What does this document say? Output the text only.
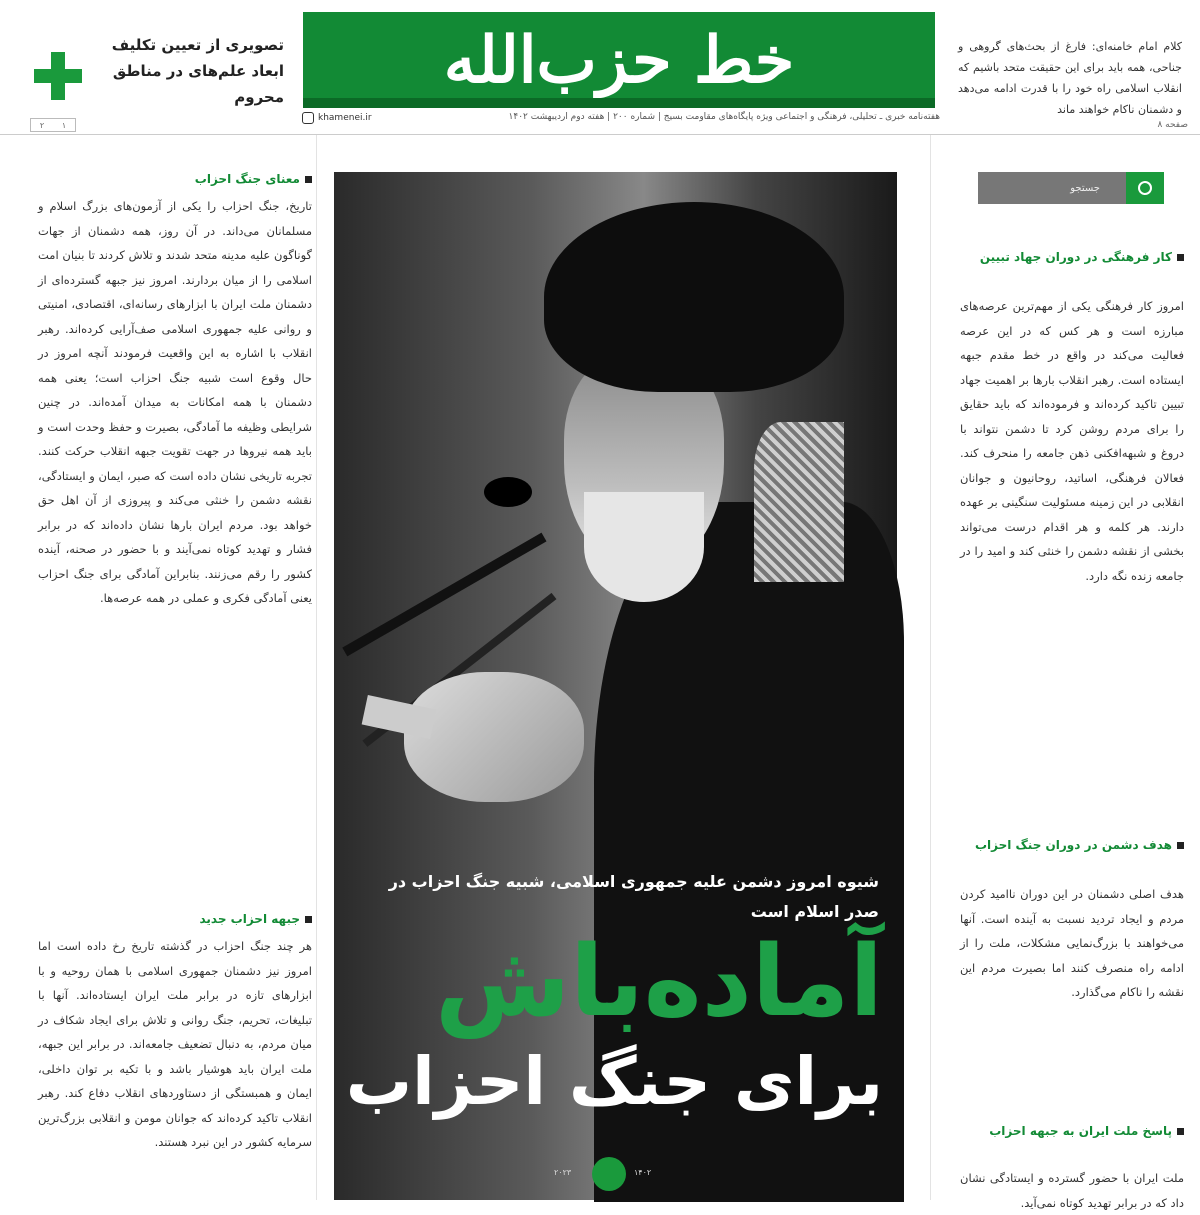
خط حزب‌الله
هفته‌نامه خبری ـ تحلیلی، فرهنگی و اجتماعی ویژه پایگاه‌های مقاومت بسیج | شماره ۲۰۰ | هفته دوم اردیبهشت ۱۴۰۲
khamenei.ir
تصویری از تعیین تکلیف ابعاد علم‌های در مناطق محروم
۲ ۱
کلام امام خامنه‌ای: فارغ از بحث‌های گروهی و جناحی، همه باید برای این حقیقت متحد باشیم که انقلاب اسلامی راه خود را با قدرت ادامه می‌دهد و دشمنان ناکام خواهند ماند
صفحه ۸
معنای جنگ احزاب
تاریخ، جنگ احزاب را یکی از آزمون‌های بزرگ اسلام و مسلمانان می‌داند. در آن روز، همه دشمنان از جهات گوناگون علیه مدینه متحد شدند و تلاش کردند تا بنیان امت اسلامی را از میان بردارند. امروز نیز جبهه گسترده‌ای از دشمنان ملت ایران با ابزارهای رسانه‌ای، اقتصادی، امنیتی و روانی علیه جمهوری اسلامی صف‌آرایی کرده‌اند. رهبر انقلاب با اشاره به این واقعیت فرمودند آنچه امروز در حال وقوع است شبیه جنگ احزاب است؛ یعنی همه دشمنان با همه امکانات به میدان آمده‌اند. در چنین شرایطی وظیفه ما آمادگی، بصیرت و حفظ وحدت است و باید همه نیروها در جهت تقویت جبهه انقلاب حرکت کنند. تجربه تاریخی نشان داده است که صبر، ایمان و ایستادگی، نقشه دشمن را خنثی می‌کند و پیروزی از آن اهل حق خواهد بود. مردم ایران بارها نشان داده‌اند که در برابر فشار و تهدید کوتاه نمی‌آیند و با حضور در صحنه، آینده کشور را رقم می‌زنند. بنابراین آمادگی برای جنگ احزاب یعنی آمادگی فکری و عملی در همه عرصه‌ها.
جبهه احزاب جدید
هر چند جنگ احزاب در گذشته تاریخ رخ داده است اما امروز نیز دشمنان جمهوری اسلامی با همان روحیه و با ابزارهای تازه در برابر ملت ایران ایستاده‌اند. آنها با تبلیغات، تحریم، جنگ روانی و تلاش برای ایجاد شکاف در میان مردم، به دنبال تضعیف جامعه‌اند. در برابر این جبهه، ملت ایران باید هوشیار باشد و با تکیه بر توان داخلی، ایمان و همبستگی از دستاوردهای انقلاب دفاع کند. رهبر انقلاب تاکید کرده‌اند که جوانان مومن و انقلابی بزرگ‌ترین سرمایه کشور در این نبرد هستند.
شیوه امروز دشمن علیه جمهوری اسلامی، شبیه جنگ احزاب در صدر اسلام است
آماده‌باش
برای جنگ احزاب
۲۰۲۳	۱۴۰۲
جستجو
کار فرهنگی در دوران جهاد تبیین
امروز کار فرهنگی یکی از مهم‌ترین عرصه‌های مبارزه است و هر کس که در این عرصه فعالیت می‌کند در واقع در خط مقدم جبهه ایستاده است. رهبر انقلاب بارها بر اهمیت جهاد تبیین تاکید کرده‌اند و فرموده‌اند که باید حقایق را برای مردم روشن کرد تا دشمن نتواند با دروغ و شبهه‌افکنی ذهن جامعه را منحرف کند. فعالان فرهنگی، اساتید، روحانیون و جوانان انقلابی در این زمینه مسئولیت سنگینی بر عهده دارند. هر کلمه و هر اقدام درست می‌تواند بخشی از نقشه دشمن را خنثی کند و امید را در جامعه زنده نگه دارد.
هدف دشمن در دوران جنگ احزاب
هدف اصلی دشمنان در این دوران ناامید کردن مردم و ایجاد تردید نسبت به آینده است. آنها می‌خواهند با بزرگ‌نمایی مشکلات، ملت را از ادامه راه منصرف کنند اما بصیرت مردم این نقشه را ناکام می‌گذارد.
پاسخ ملت ایران به جبهه احزاب
ملت ایران با حضور گسترده و ایستادگی نشان داد که در برابر تهدید کوتاه نمی‌آید.
